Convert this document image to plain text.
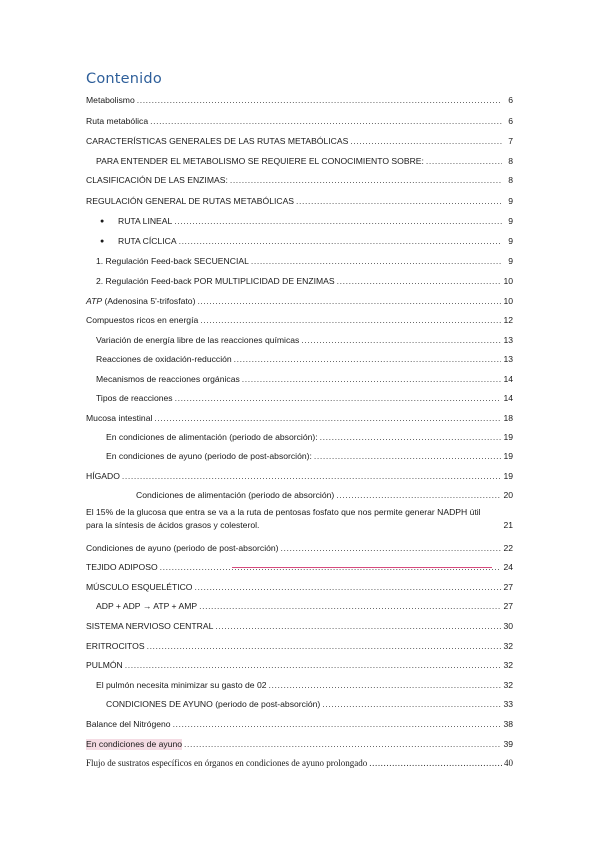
Contenido
Metabolismo .....	6
Ruta metabólica .....	6
CARACTERÍSTICAS GENERALES DE LAS RUTAS METABÓLICAS .....	7
PARA ENTENDER EL METABOLISMO SE REQUIERE EL CONOCIMIENTO SOBRE: .....	8
CLASIFICACIÓN DE LAS ENZIMAS: .....	8
REGULACIÓN GENERAL DE RUTAS METABÓLICAS .....	9
●	RUTA LINEAL .....	9
●	RUTA CÍCLICA .....	9
1. Regulación Feed-back SECUENCIAL .....	9
2. Regulación Feed-back POR MULTIPLICIDAD DE ENZIMAS .....	10
ATP (Adenosina 5'-trifosfato) .....	10
Compuestos ricos en energía .....	12
Variación de energía libre de las reacciones químicas .....	13
Reacciones de oxidación-reducción .....	13
Mecanismos de reacciones orgánicas .....	14
Tipos de reacciones .....	14
Mucosa intestinal .....	18
En condiciones de alimentación (periodo de absorción): .....	19
En condiciones de ayuno (periodo de post-absorción): .....	19
HÍGADO .....	19
Condiciones de alimentación (periodo de absorción) .....	20
El 15% de la glucosa que entra se va a la ruta de pentosas fosfato que nos permite generar NADPH útil para la síntesis de ácidos grasos y colesterol.	21
Condiciones de ayuno (periodo de post-absorción) .....	22
TEJIDO ADIPOSO .....	24
MÚSCULO ESQUELÉTICO .....	27
ADP + ADP → ATP + AMP .....	27
SISTEMA NERVIOSO CENTRAL .....	30
ERITROCITOS .....	32
PULMÓN .....	32
El pulmón necesita minimizar su gasto de 02 .....	32
CONDICIONES DE AYUNO (periodo de post-absorción) .....	33
Balance del Nitrógeno .....	38
En condiciones de ayuno .....	39
Flujo de sustratos específicos en órganos en condiciones de ayuno prolongado .....	40
